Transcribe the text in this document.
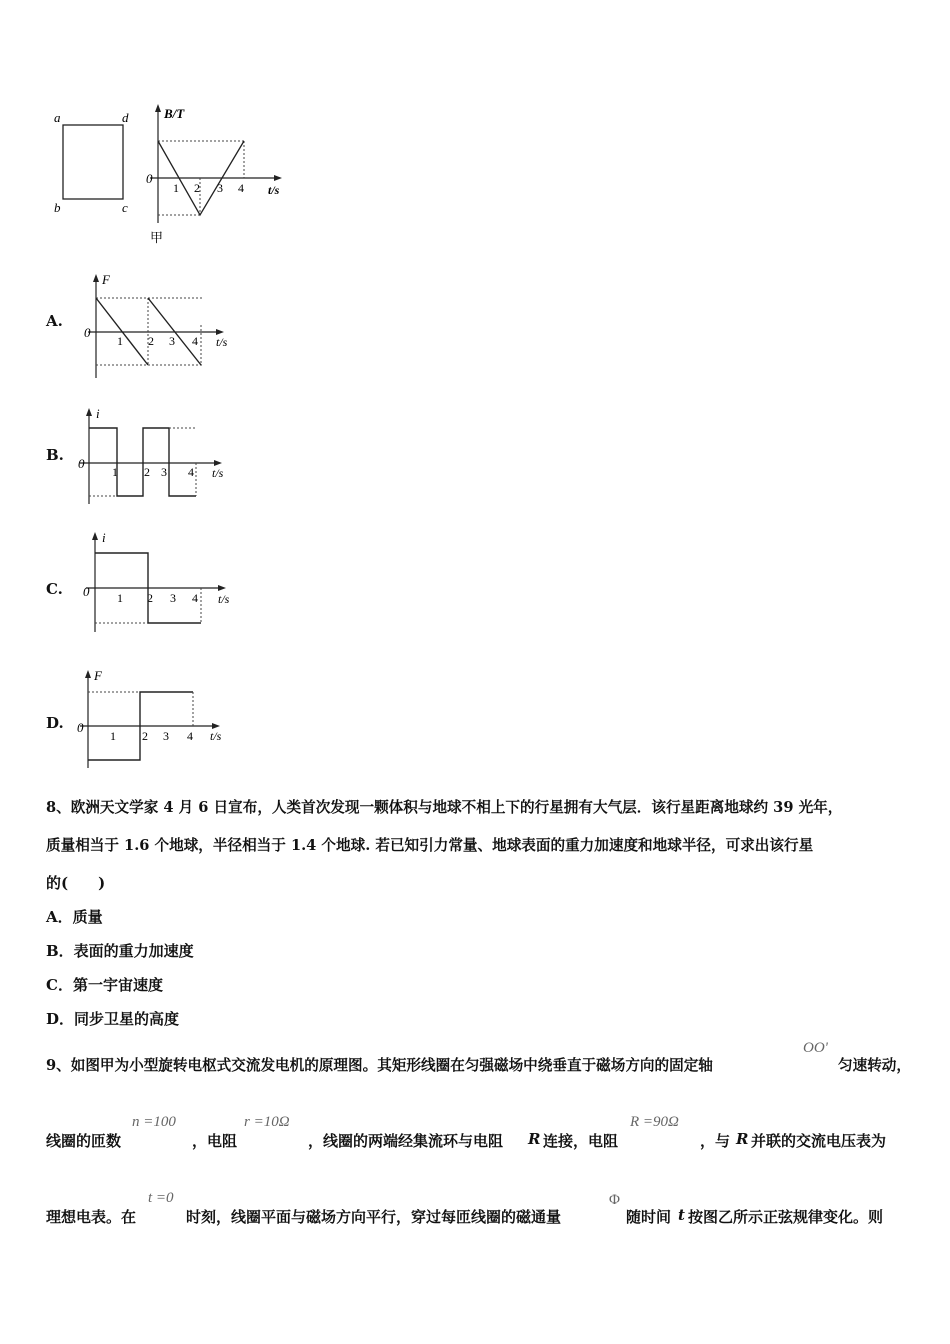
a	d
b	c
B/T
t/s
0
1 2 3 4
甲
A.
F
t/s
0
1 2 3 4
B.
i
t/s
0
1 2 3 4
C.
i
t/s
0 1 2 3 4
D.
F
t/s
0
1 2 3 4
8、欧洲天文学家 4 月 6 日宣布，人类首次发现一颗体积与地球不相上下的行星拥有大气层．该行星距离地球约 39 光年，
质量相当于 1.6 个地球，半径相当于 1.4 个地球. 若已知引力常量、地球表面的重力加速度和地球半径，可求出该行星
的(　　)
A．质量
B．表面的重力加速度
C．第一宇宙速度
D．同步卫星的高度
9、如图甲为小型旋转电枢式交流发电机的原理图。其矩形线圈在匀强磁场中绕垂直于磁场方向的固定轴
OO'
匀速转动，
线圈的匝数
n =100
，电阻
r =10Ω
，线圈的两端经集流环与电阻 R 连接，电阻
R =90Ω
，与 R 并联的交流电压表为
理想电表。在
t =0
时刻，线圈平面与磁场方向平行，穿过每匝线圈的磁通量
Φ
随时间 t 按图乙所示正弦规律变化。则
